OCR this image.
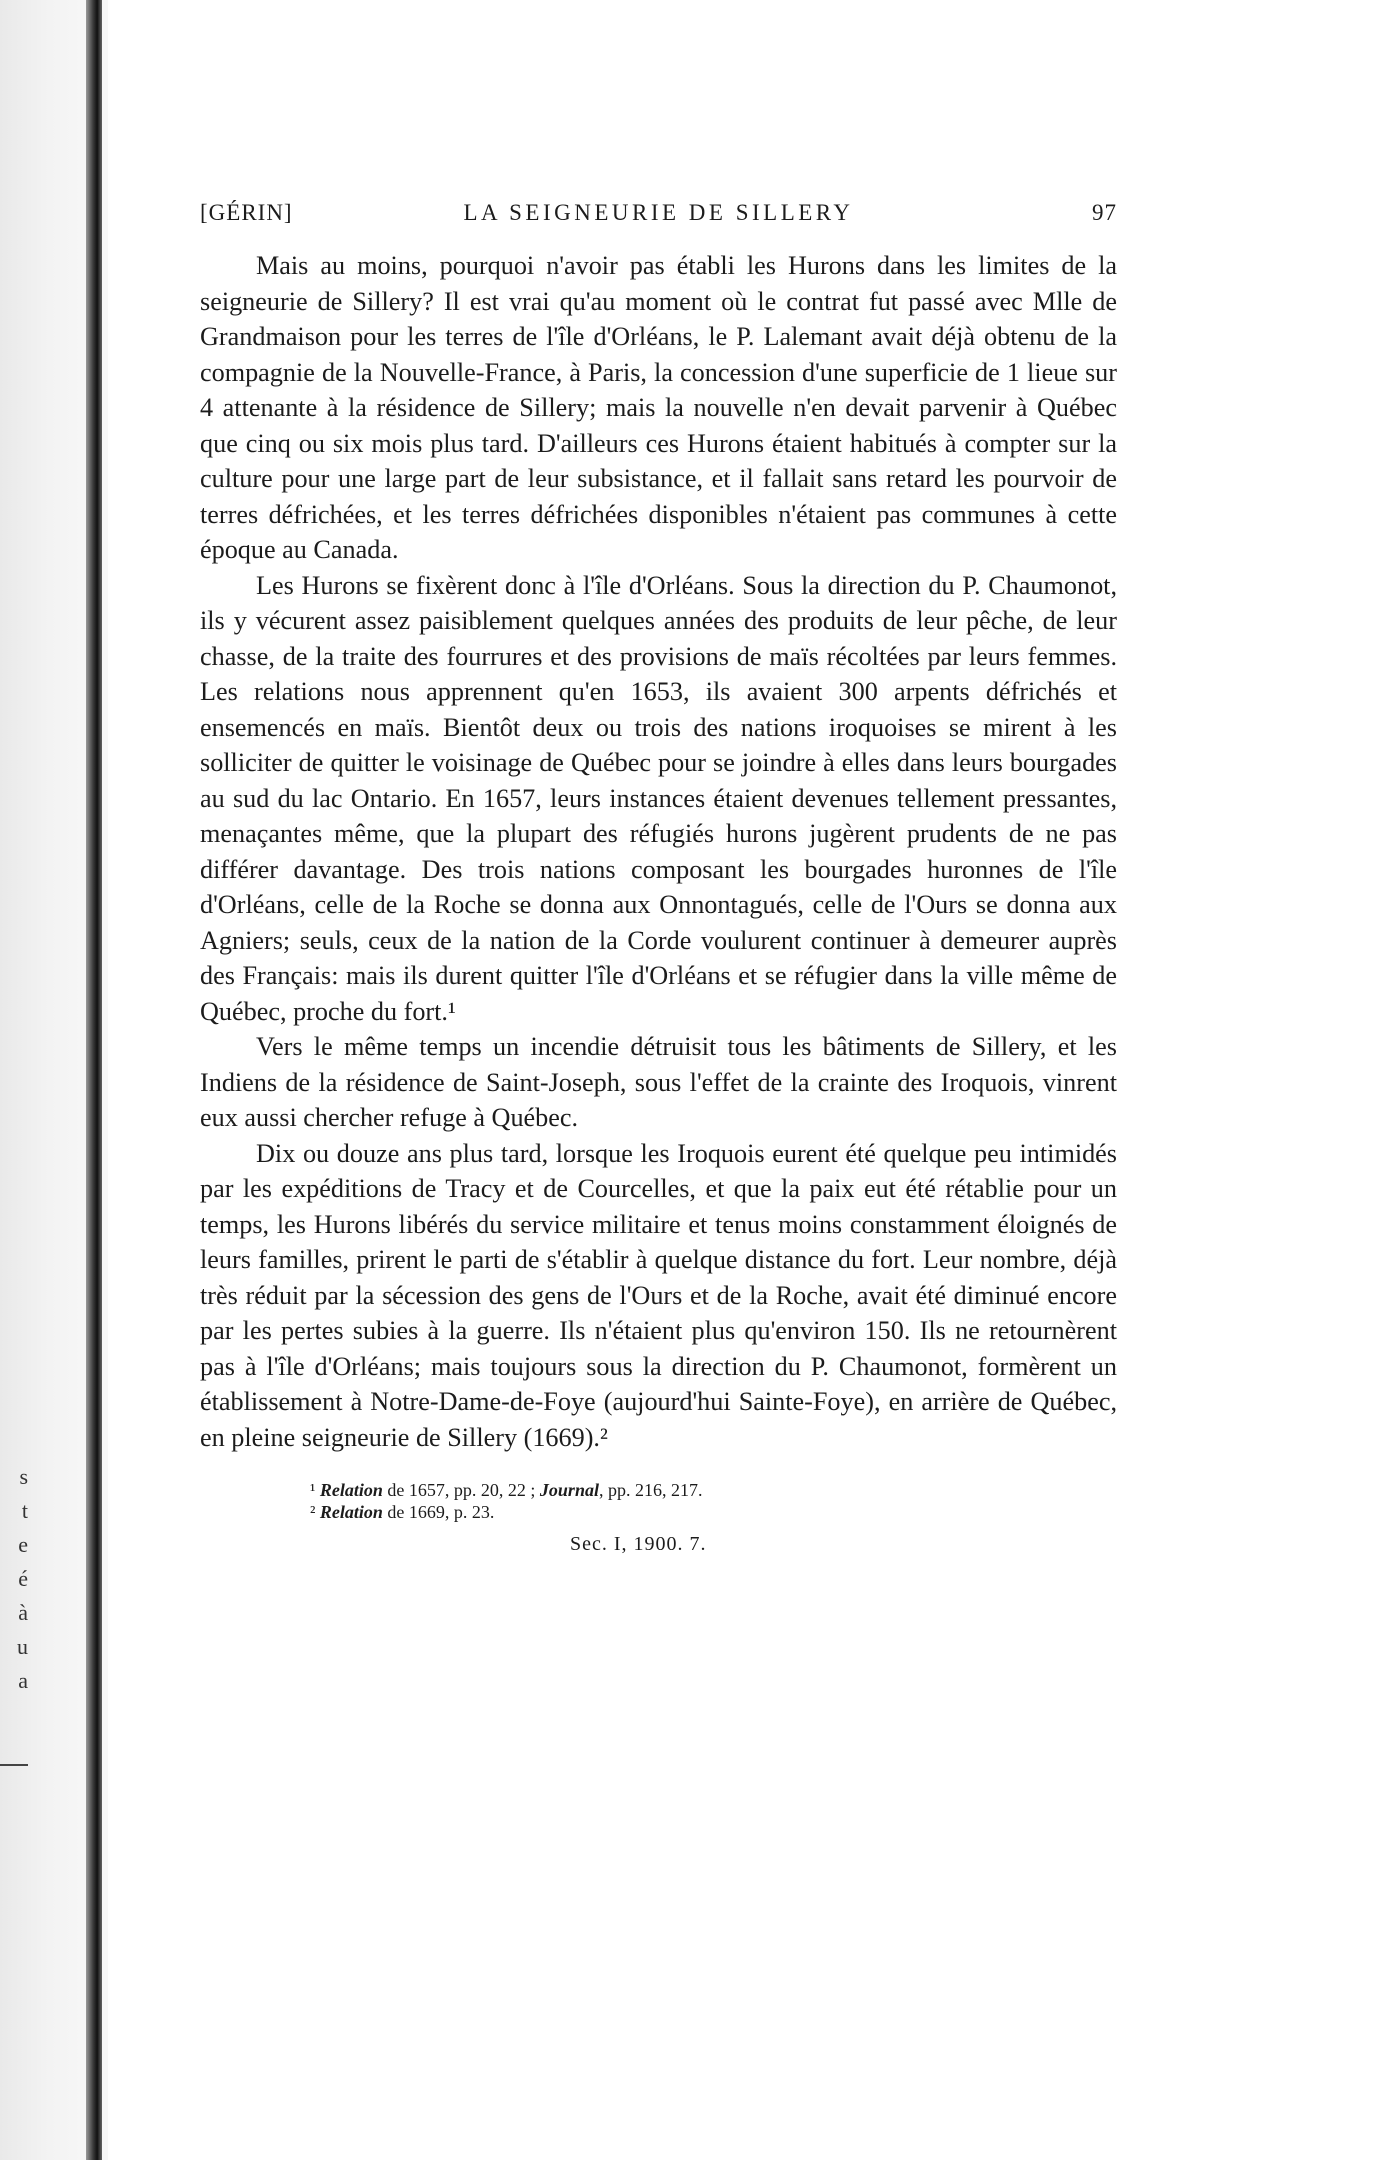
s
t
e
é
à
u
a
[GÉRIN]	LA SEIGNEURIE DE SILLERY	97

Mais au moins, pourquoi n'avoir pas établi les Hurons dans les limites de la seigneurie de Sillery? Il est vrai qu'au moment où le contrat fut passé avec Mlle de Grandmaison pour les terres de l'île d'Orléans, le P. Lalemant avait déjà obtenu de la compagnie de la Nouvelle-France, à Paris, la concession d'une superficie de 1 lieue sur 4 attenante à la résidence de Sillery; mais la nouvelle n'en devait parvenir à Québec que cinq ou six mois plus tard. D'ailleurs ces Hurons étaient habitués à compter sur la culture pour une large part de leur subsistance, et il fallait sans retard les pourvoir de terres défrichées, et les terres défrichées disponibles n'étaient pas communes à cette époque au Canada.

Les Hurons se fixèrent donc à l'île d'Orléans. Sous la direction du P. Chaumonot, ils y vécurent assez paisiblement quelques années des produits de leur pêche, de leur chasse, de la traite des fourrures et des provisions de maïs récoltées par leurs femmes. Les relations nous apprennent qu'en 1653, ils avaient 300 arpents défrichés et ensemencés en maïs. Bientôt deux ou trois des nations iroquoises se mirent à les solliciter de quitter le voisinage de Québec pour se joindre à elles dans leurs bourgades au sud du lac Ontario. En 1657, leurs instances étaient devenues tellement pressantes, menaçantes même, que la plupart des réfugiés hurons jugèrent prudents de ne pas différer davantage. Des trois nations composant les bourgades huronnes de l'île d'Orléans, celle de la Roche se donna aux Onnontagués, celle de l'Ours se donna aux Agniers; seuls, ceux de la nation de la Corde voulurent continuer à demeurer auprès des Français: mais ils durent quitter l'île d'Orléans et se réfugier dans la ville même de Québec, proche du fort.¹

Vers le même temps un incendie détruisit tous les bâtiments de Sillery, et les Indiens de la résidence de Saint-Joseph, sous l'effet de la crainte des Iroquois, vinrent eux aussi chercher refuge à Québec.

Dix ou douze ans plus tard, lorsque les Iroquois eurent été quelque peu intimidés par les expéditions de Tracy et de Courcelles, et que la paix eut été rétablie pour un temps, les Hurons libérés du service militaire et tenus moins constamment éloignés de leurs familles, prirent le parti de s'établir à quelque distance du fort. Leur nombre, déjà très réduit par la sécession des gens de l'Ours et de la Roche, avait été diminué encore par les pertes subies à la guerre. Ils n'étaient plus qu'environ 150. Ils ne retournèrent pas à l'île d'Orléans; mais toujours sous la direction du P. Chaumonot, formèrent un établissement à Notre-Dame-de-Foye (aujourd'hui Sainte-Foye), en arrière de Québec, en pleine seigneurie de Sillery (1669).²

¹ Relation de 1657, pp. 20, 22 ; Journal, pp. 216, 217.
² Relation de 1669, p. 23.
Sec. I, 1900. 7.
